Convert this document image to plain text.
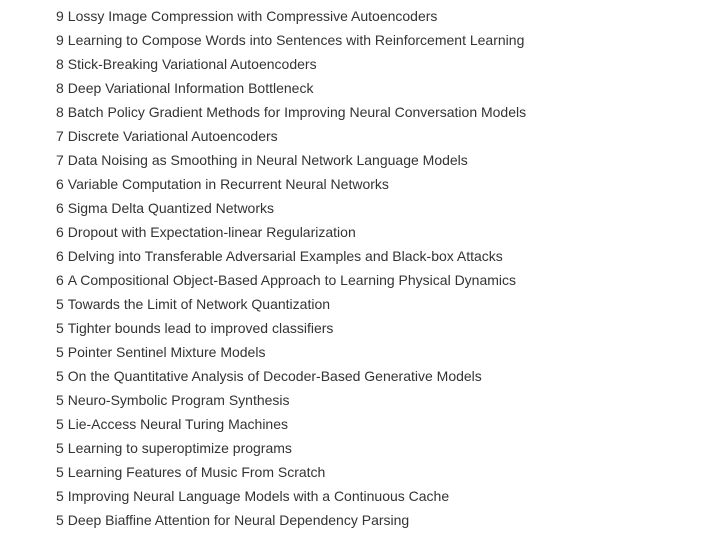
9 Lossy Image Compression with Compressive Autoencoders
9 Learning to Compose Words into Sentences with Reinforcement Learning
8 Stick-Breaking Variational Autoencoders
8 Deep Variational Information Bottleneck
8 Batch Policy Gradient Methods for Improving Neural Conversation Models
7 Discrete Variational Autoencoders
7 Data Noising as Smoothing in Neural Network Language Models
6 Variable Computation in Recurrent Neural Networks
6 Sigma Delta Quantized Networks
6 Dropout with Expectation-linear Regularization
6 Delving into Transferable Adversarial Examples and Black-box Attacks
6 A Compositional Object-Based Approach to Learning Physical Dynamics
5 Towards the Limit of Network Quantization
5 Tighter bounds lead to improved classifiers
5 Pointer Sentinel Mixture Models
5 On the Quantitative Analysis of Decoder-Based Generative Models
5 Neuro-Symbolic Program Synthesis
5 Lie-Access Neural Turing Machines
5 Learning to superoptimize programs
5 Learning Features of Music From Scratch
5 Improving Neural Language Models with a Continuous Cache
5 Deep Biaffine Attention for Neural Dependency Parsing
